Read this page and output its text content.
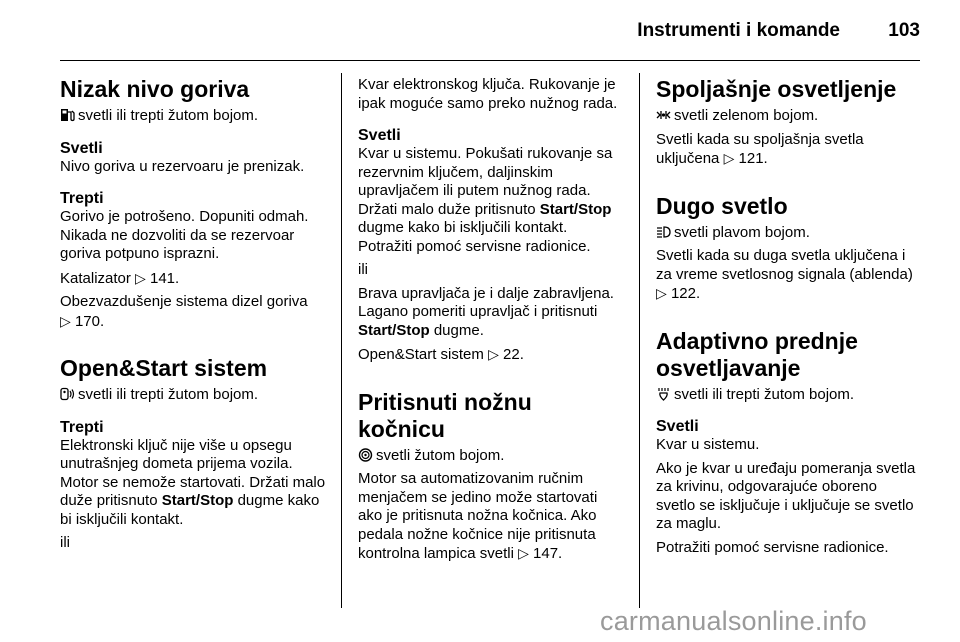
Instrumenti i komande	103
Nizak nivo goriva

svetli ili trepti žutom bojom.

Svetli

Nivo goriva u rezervoaru je prenizak.

Trepti

Gorivo je potrošeno. Dopuniti odmah. Nikada ne dozvoliti da se rezervoar goriva potpuno isprazni.

Katalizator ▷ 141.

Obezvazdušenje sistema dizel goriva
▷ 170.

Open&Start sistem

svetli ili trepti žutom bojom.

Trepti

Elektronski ključ nije više u opsegu unutrašnjeg dometa prijema vozila. Motor se nemože startovati. Držati malo duže pritisnuto Start/Stop dugme kako bi isključili kontakt.

ili

Kvar elektronskog ključa. Rukovanje je ipak moguće samo preko nužnog rada.

Svetli

Kvar u sistemu. Pokušati rukovanje sa rezervnim ključem, daljinskim upravljačem ili putem nužnog rada. Držati malo duže pritisnuto Start/Stop dugme kako bi isključili kontakt. Potražiti pomoć servisne radionice.

ili

Brava upravljača je i dalje zabravljena. Lagano pomeriti upravljač i pritisnuti Start/Stop dugme.

Open&Start sistem ▷ 22.

Pritisnuti nožnu kočnicu

svetli žutom bojom.

Motor sa automatizovanim ručnim menjačem se jedino može startovati ako je pritisnuta nožna kočnica. Ako pedala nožne kočnice nije pritisnuta kontrolna lampica svetli ▷ 147.

Spoljašnje osvetljenje

svetli zelenom bojom.

Svetli kada su spoljašnja svetla uključena ▷ 121.

Dugo svetlo

svetli plavom bojom.

Svetli kada su duga svetla uključena i za vreme svetlosnog signala (ablenda) ▷ 122.

Adaptivno prednje
osvetljavanje

svetli ili trepti žutom bojom.

Svetli

Kvar u sistemu.

Ako je kvar u uređaju pomeranja svetla za krivinu, odgovarajuće oboreno svetlo se isključuje i uključuje se svetlo za maglu.

Potražiti pomoć servisne radionice.

carmanualsonline.info
